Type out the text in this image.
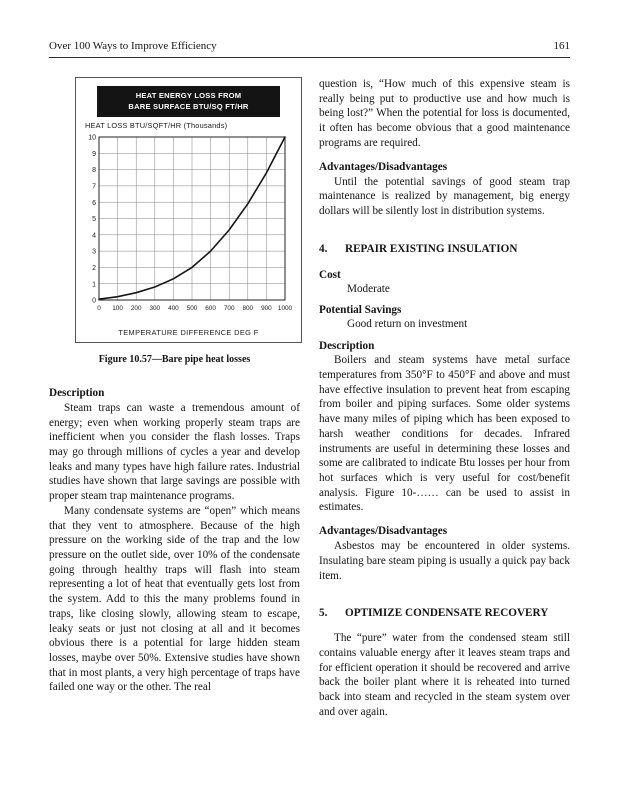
Over 100 Ways to Improve Efficiency	161
HEAT ENERGY LOSS FROM
BARE SURFACE BTU/SQ FT/HR
HEAT LOSS BTU/SQFT/HR (Thousands)
0
1
2
3
4
5
6
7
8
9
10
0 100 200 300 400 500 600 700 800 900 1000
TEMPERATURE DIFFERENCE DEG F
Figure 10.57—Bare pipe heat losses
Description

Steam traps can waste a tremendous amount of energy; even when working properly steam traps are inefficient when you consider the flash losses. Traps may go through millions of cycles a year and develop leaks and many types have high failure rates. Industrial studies have shown that large savings are possible with proper steam trap maintenance programs.

Many condensate systems are “open” which means that they vent to atmosphere. Because of the high pressure on the working side of the trap and the low pressure on the outlet side, over 10% of the condensate going through healthy traps will flash into steam representing a lot of heat that eventually gets lost from the system. Add to this the many problems found in traps, like closing slowly, allowing steam to escape, leaky seats or just not closing at all and it becomes obvious there is a potential for large hidden steam losses, maybe over 50%. Extensive studies have shown that in most plants, a very high percentage of traps have failed one way or the other. The real

question is, “How much of this expensive steam is really being put to productive use and how much is being lost?” When the potential for loss is documented, it often has become obvious that a good maintenance programs are required.

Advantages/Disadvantages

Until the potential savings of good steam trap maintenance is realized by management, big energy dollars will be silently lost in distribution systems.

4. REPAIR EXISTING INSULATION
Cost
Moderate
Potential Savings
Good return on investment
Description

Boilers and steam systems have metal surface temperatures from 350°F to 450°F and above and must have effective insulation to prevent heat from escaping from boiler and piping surfaces. Some older systems have many miles of piping which has been exposed to harsh weather conditions for decades. Infrared instruments are useful in determining these losses and some are calibrated to indicate Btu losses per hour from hot surfaces which is very useful for cost/benefit analysis. Figure 10-…… can be used to assist in estimates.

Advantages/Disadvantages

Asbestos may be encountered in older systems. Insulating bare steam piping is usually a quick pay back item.

5. OPTIMIZE CONDENSATE RECOVERY

The “pure” water from the condensed steam still contains valuable energy after it leaves steam traps and for efficient operation it should be recovered and arrive back the boiler plant where it is reheated into turned back into steam and recycled in the steam system over and over again.
